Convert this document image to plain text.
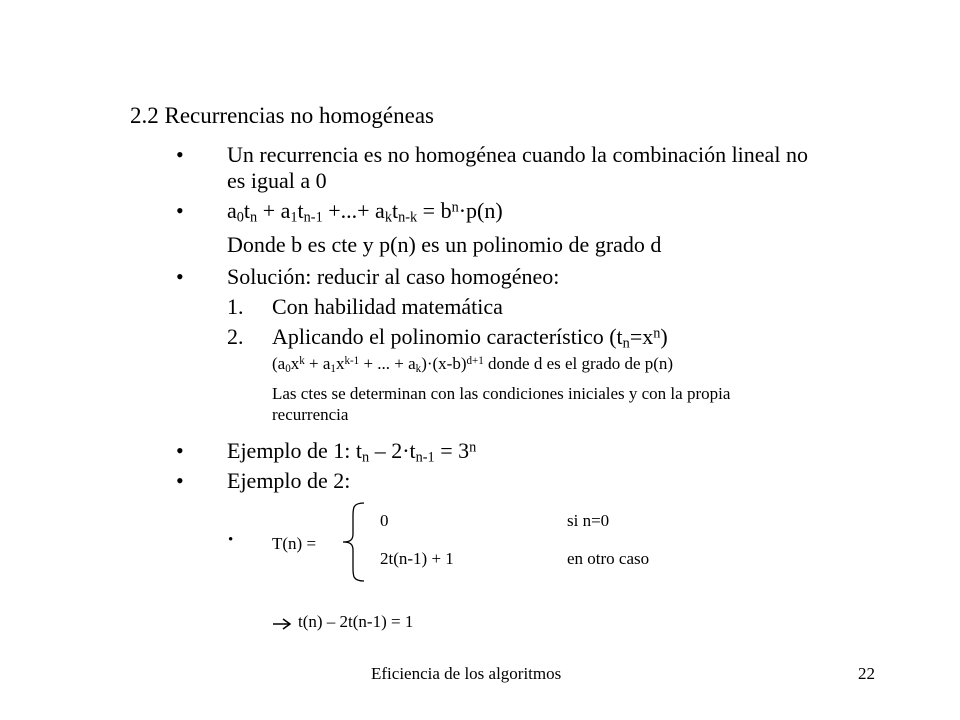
2.2 Recurrencias no homogéneas
• Un recurrencia es no homogénea cuando la combinación lineal no
es igual a 0
• $a_0t_n + a_1t_{n-1}$ +...+ $a_kt_{n-k} = b^n\cdot p(n)$
Donde b es cte y p(n) es un polinomio de grado d
• Solución: reducir al caso homogéneo:
1. Con habilidad matemática
2. Aplicando el polinomio característico $(t_n=x^n)$
($a_0x^k + a_1x^{k-1}$ + ... + $a_k)\cdot(x-b)^{d+1}$ donde d es el grado de p(n)
Las ctes se determinan con las condiciones iniciales y con la propia
recurrencia
• Ejemplo de 1: $t_n - 2\cdot t_{n-1} = 3^n$
• Ejemplo de 2:
• T(n) =
0	si n=0
2t(n-1) + 1	en otro caso
t(n) – 2t(n-1) = 1
Eficiencia de los algoritmos	22
